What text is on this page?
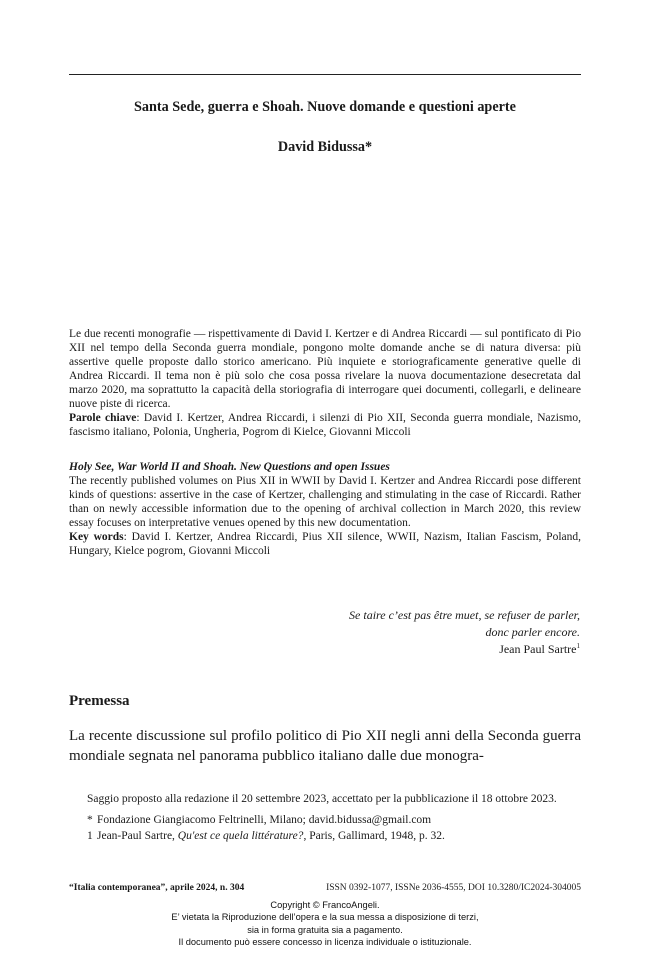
Santa Sede, guerra e Shoah. Nuove domande e questioni aperte
David Bidussa*

Le due recenti monografie — rispettivamente di David I. Kertzer e di Andrea Riccardi — sul pontificato di Pio XII nel tempo della Seconda guerra mondiale, pongono molte domande anche se di natura diversa: più assertive quelle proposte dallo storico americano. Più inquiete e storiograficamente generative quelle di Andrea Riccardi. Il tema non è più solo che cosa possa rivelare la nuova documentazione desecretata dal marzo 2020, ma soprattutto la capacità della storiografia di interrogare quei documenti, collegarli, e delineare nuove piste di ricerca.

Parole chiave: David I. Kertzer, Andrea Riccardi, i silenzi di Pio XII, Seconda guerra mondiale, Nazismo, fascismo italiano, Polonia, Ungheria, Pogrom di Kielce, Giovanni Miccoli

Holy See, War World II and Shoah. New Questions and open Issues

The recently published volumes on Pius XII in WWII by David I. Kertzer and Andrea Riccardi pose different kinds of questions: assertive in the case of Kertzer, challenging and stimulating in the case of Riccardi. Rather than on newly accessible information due to the opening of archival collection in March 2020, this review essay focuses on interpretative venues opened by this new documentation.

Key words: David I. Kertzer, Andrea Riccardi, Pius XII silence, WWII, Nazism, Italian Fascism, Poland, Hungary, Kielce pogrom, Giovanni Miccoli

Se taire c’est pas être muet, se refuser de parler,
donc parler encore.
Jean Paul Sartre$^1$
Premessa

La recente discussione sul profilo politico di Pio XII negli anni della Seconda guerra mondiale segnata nel panorama pubblico italiano dalle due monogra-

Saggio proposto alla redazione il 20 settembre 2023, accettato per la pubblicazione il 18 ottobre 2023.

* Fondazione Giangiacomo Feltrinelli, Milano; david.bidussa@gmail.com

1 Jean-Paul Sartre, Qu'est ce quela littérature?, Paris, Gallimard, 1948, p. 32.

“Italia contemporanea”, aprile 2024, n. 304	ISSN 0392-1077, ISSNe 2036-4555, DOI 10.3280/IC2024-304005
Copyright © FrancoAngeli.
E’ vietata la Riproduzione dell’opera e la sua messa a disposizione di terzi,
sia in forma gratuita sia a pagamento.
Il documento può essere concesso in licenza individuale o istituzionale.
